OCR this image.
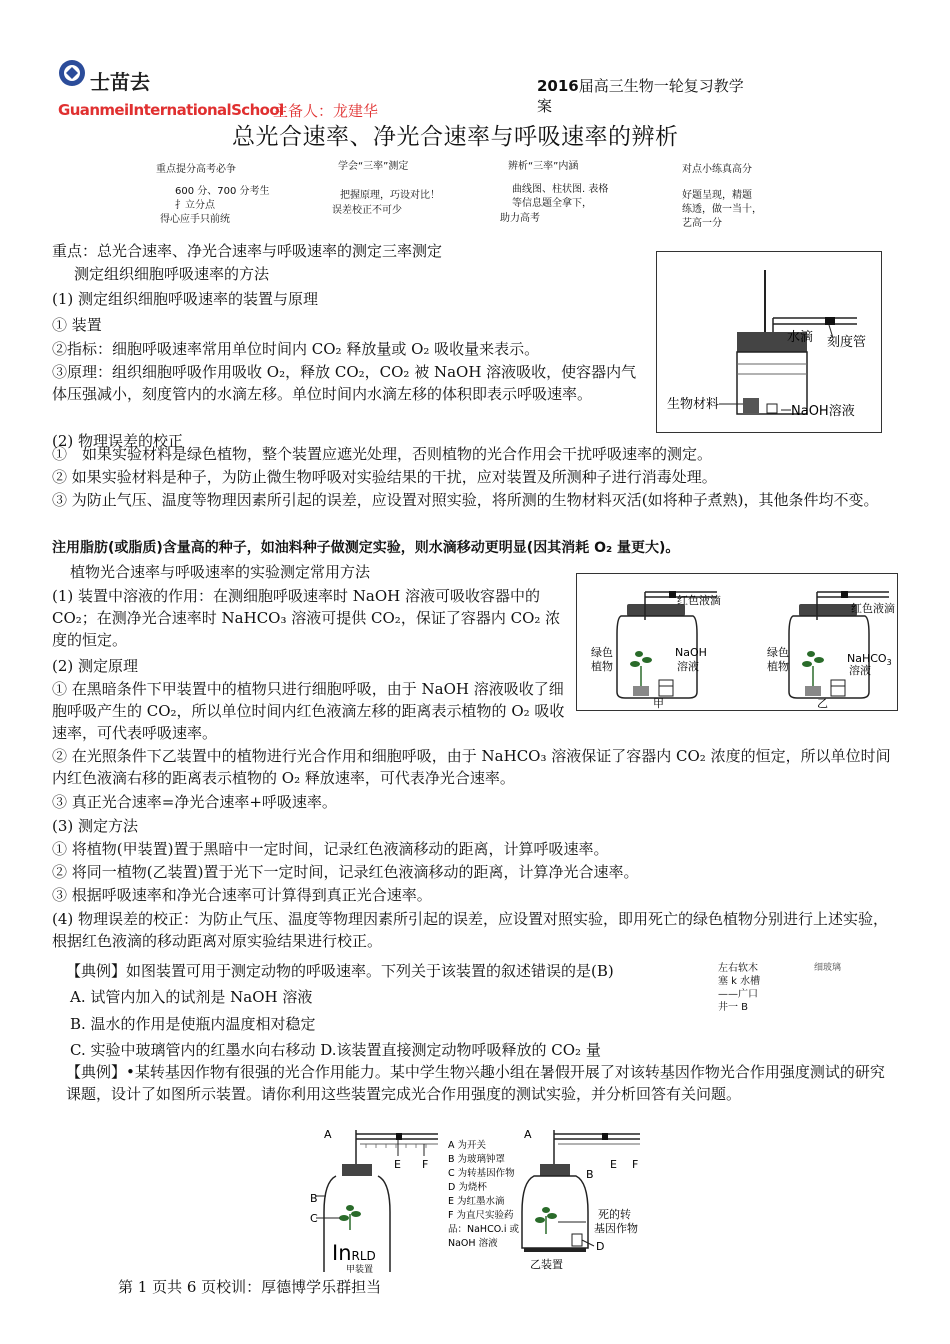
士苗去
GuanmeiInternationalSchool
主备人：龙建华
2016届高三生物一轮复习教学
案
总光合速率、净光合速率与呼吸速率的辨析
重点提分高考必争
600 分、700 分考生
扌立分点
得心应手只前统
学会“三率”测定
把握原理，巧设对比！
误差校正不可少
辨析“三率”内涵
曲线图、柱状图. 表格
等信息题全拿下，
助力高考
对点小练真高分
好题呈现，精题
练透，做一当十，
艺高一分
重点：总光合速率、净光合速率与呼吸速率的测定三率测定
测定组织细胞呼吸速率的方法
(1) 测定组织细胞呼吸速率的装置与原理
① 装置
②指标：细胞呼吸速率常用单位时间内 CO₂ 释放量或 O₂ 吸收量来表示。
③原理：组织细胞呼吸作用吸收 O₂，释放 CO₂，CO₂ 被 NaOH 溶液吸收，使容器内气体压强减小，刻度管内的水滴左移。单位时间内水滴左移的体积即表示呼吸速率。
(2) 物理误差的校正
水滴 刻度管
生物材料	NaOH溶液
①　如果实验材料是绿色植物，整个装置应遮光处理，否则植物的光合作用会干扰呼吸速率的测定。
② 如果实验材料是种子，为防止微生物呼吸对实验结果的干扰，应对装置及所测种子进行消毒处理。
③ 为防止气压、温度等物理因素所引起的误差，应设置对照实验，将所测的生物材料灭活(如将种子煮熟)，其他条件均不变。
注用脂肪(或脂质)含量高的种子，如油料种子做测定实验，则水滴移动更明显(因其消耗 O₂ 量更大)。
植物光合速率与呼吸速率的实验测定常用方法
(1) 装置中溶液的作用：在测细胞呼吸速率时 NaOH 溶液可吸收容器中的 CO₂；在测净光合速率时 NaHCO₃ 溶液可提供 CO₂，保证了容器内 CO₂ 浓度的恒定。
(2) 测定原理
① 在黑暗条件下甲装置中的植物只进行细胞呼吸，由于 NaOH 溶液吸收了细胞呼吸产生的 CO₂，所以单位时间内红色液滴左移的距离表示植物的 O₂ 吸收速率，可代表呼吸速率。
② 在光照条件下乙装置中的植物进行光合作用和细胞呼吸，由于 NaHCO₃ 溶液保证了容器内 CO₂ 浓度的恒定，所以单位时间内红色液滴右移的距离表示植物的 O₂ 释放速率，可代表净光合速率。
③ 真正光合速率=净光合速率+呼吸速率。
(3) 测定方法
① 将植物(甲装置)置于黑暗中一定时间，记录红色液滴移动的距离，计算呼吸速率。
② 将同一植物(乙装置)置于光下一定时间，记录红色液滴移动的距离，计算净光合速率。
③ 根据呼吸速率和净光合速率可计算得到真正光合速率。
(4) 物理误差的校正：为防止气压、温度等物理因素所引起的误差，应设置对照实验，即用死亡的绿色植物分别进行上述实验，根据红色液滴的移动距离对原实验结果进行校正。
红色液滴
绿色
植物
NaOH
溶液
甲
红色液滴
绿色
植物
NaHCO$_3$
溶液
乙
【典例】如图装置可用于测定动物的呼吸速率。下列关于该装置的叙述错误的是(B)
A. 试管内加入的试剂是 NaOH 溶液
B. 温水的作用是使瓶内温度相对稳定
C. 实验中玻璃管内的红墨水向右移动 D.该装置直接测定动物呼吸释放的 CO₂ 量
左右软木
塞 k 水槽
——广口
井一 B
细玻璃
【典例】•某转基因作物有很强的光合作用能力。某中学生物兴趣小组在暑假开展了对该转基因作物光合作用强度测试的研究课题，设计了如图所示装置。请你利用这些装置完成光合作用强度的测试实验，并分析回答有关问题。
A
B
C
E F
InRLD
甲装置
A 为开关
B 为玻璃钟罩
C 为转基因作物
D 为烧杯
E 为红墨水滴
F 为直尺实验药
品：NaHCO.i 或
NaOH 溶液
A
B
E F
死的转
基因作物
D
乙装置
第 1 页共 6 页校训：厚德博学乐群担当
